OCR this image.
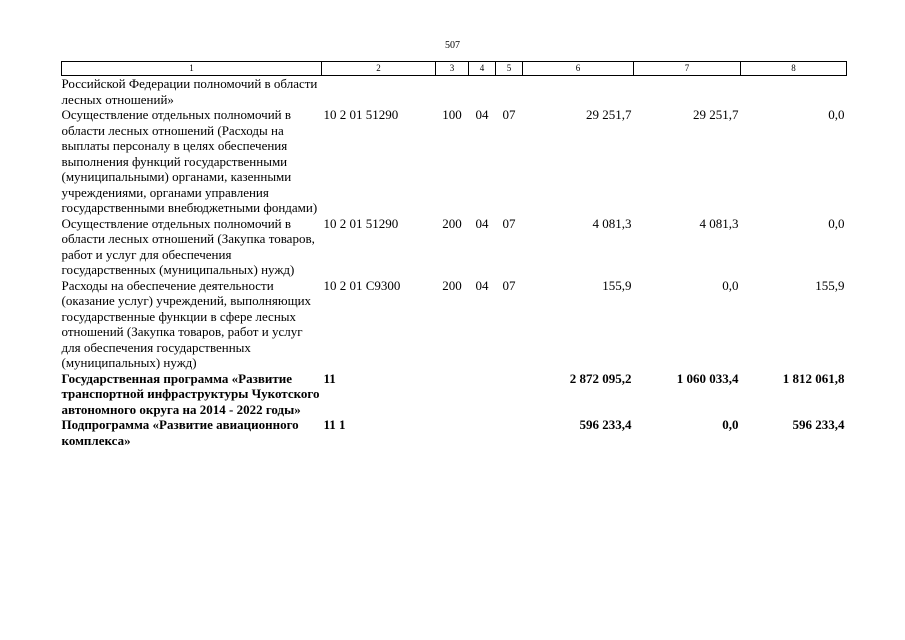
507
1	2	3	4	5	6	7	8
Российской Федерации полномочий в области лесных отношений»							
Осуществление отдельных полномочий в области лесных отношений (Расходы на выплаты персоналу в целях обеспечения выполнения функций государственными (муниципальными) органами, казенными учреждениями, органами управления государственными внебюджетными фондами)	10 2 01 51290	100	04	07	29 251,7	29 251,7	0,0
Осуществление отдельных полномочий в области лесных отношений (Закупка товаров, работ и услуг для обеспечения государственных (муниципальных) нужд)	10 2 01 51290	200	04	07	4 081,3	4 081,3	0,0
Расходы на обеспечение деятельности (оказание услуг) учреждений, выполняющих государственные функции в сфере лесных отношений (Закупка товаров, работ и услуг для обеспечения государственных (муниципальных) нужд)	10 2 01 С9300	200	04	07	155,9	0,0	155,9
Государственная программа «Развитие транспортной инфраструктуры Чукотского автономного округа на 2014 - 2022 годы»	11				2 872 095,2	1 060 033,4	1 812 061,8
Подпрограмма «Развитие авиационного комплекса»	11 1				596 233,4	0,0	596 233,4
